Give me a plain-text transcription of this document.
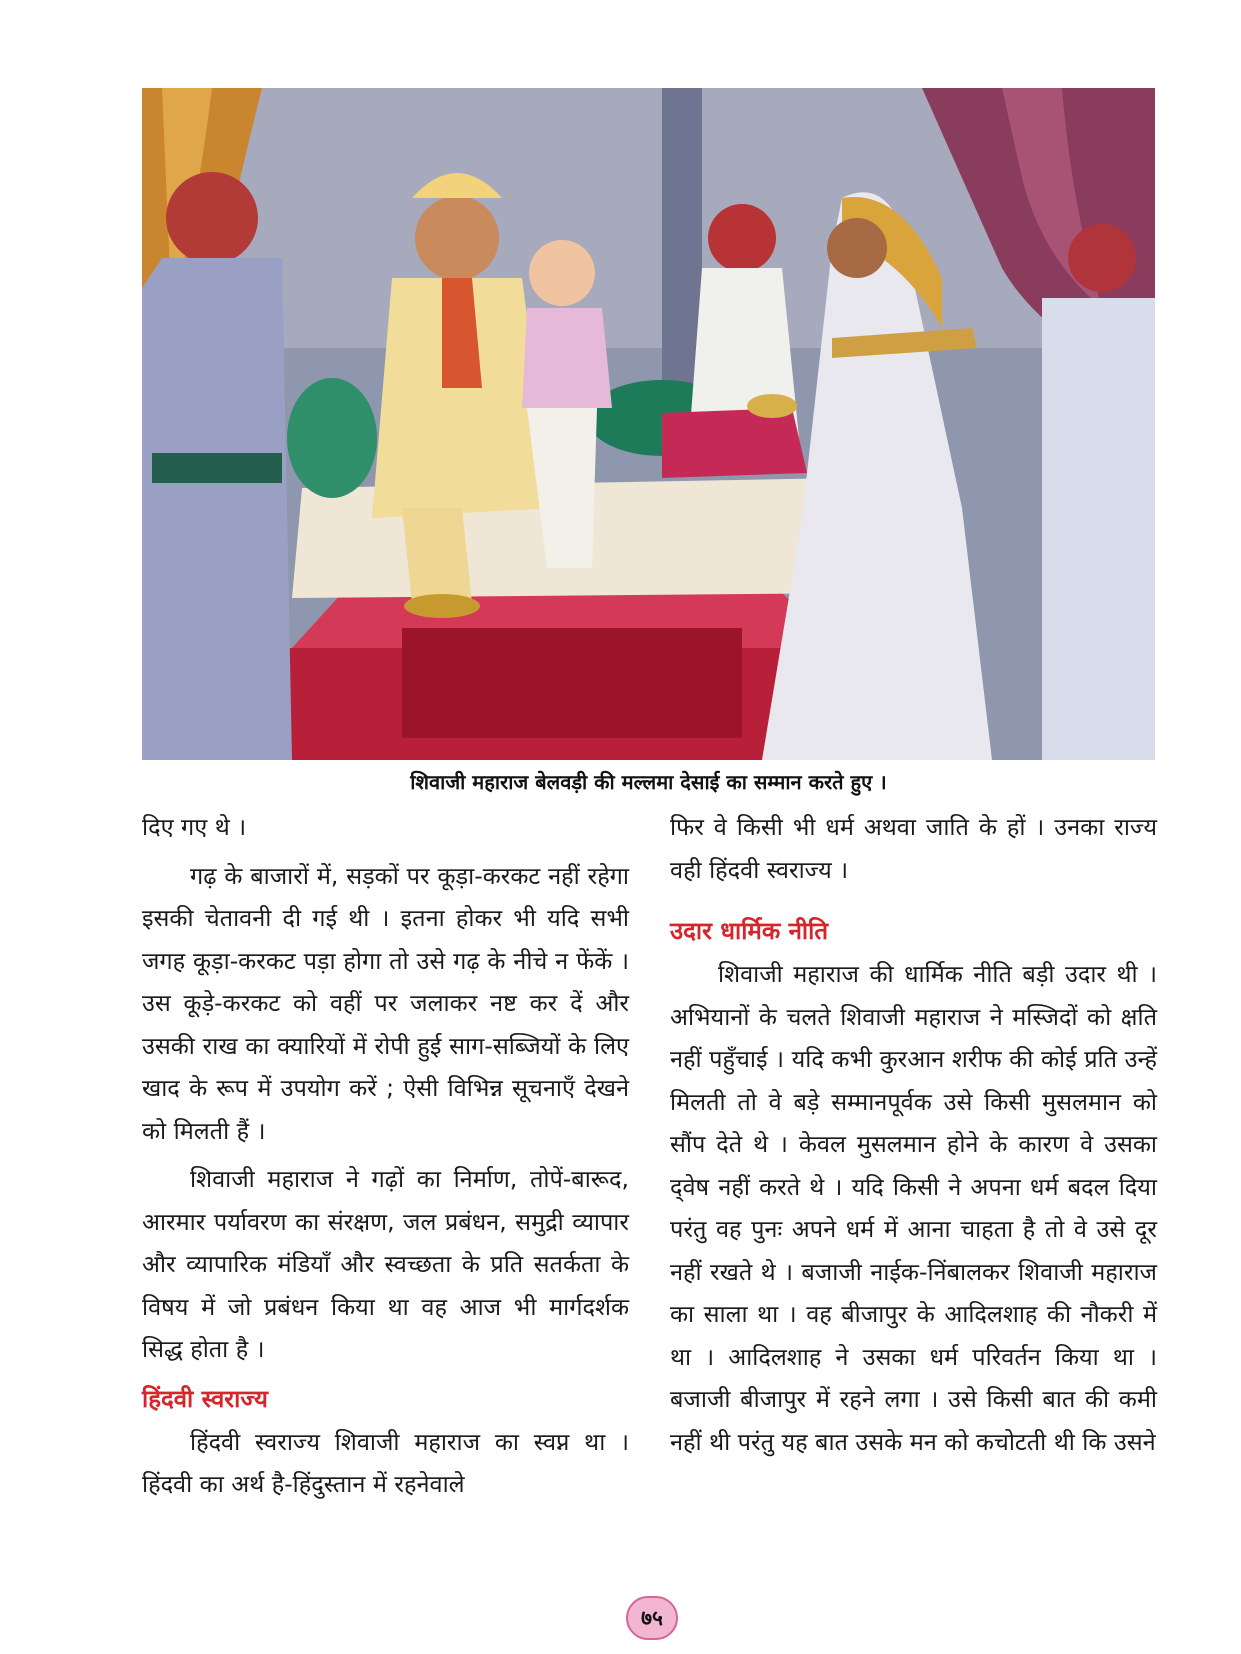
शिवाजी महाराज बेलवड़ी की मल्लमा देसाई का सम्मान करते हुए ।

दिए गए थे ।

गढ़ के बाजारों में, सड़कों पर कूड़ा-करकट नहीं रहेगा इसकी चेतावनी दी गई थी । इतना होकर भी यदि सभी जगह कूड़ा-करकट पड़ा होगा तो उसे गढ़ के नीचे न फेंकें । उस कूड़े-करकट को वहीं पर जलाकर नष्ट कर दें और उसकी राख का क्यारियों में रोपी हुई साग-सब्जियों के लिए खाद के रूप में उपयोग करें ; ऐसी विभिन्न सूचनाएँ देखने को मिलती हैं ।

शिवाजी महाराज ने गढ़ों का निर्माण, तोपें-बारूद, आरमार पर्यावरण का संरक्षण, जल प्रबंधन, समुद्री व्यापार और व्यापारिक मंडियाँ और स्वच्छता के प्रति सतर्कता के विषय में जो प्रबंधन किया था वह आज भी मार्गदर्शक सिद्ध होता है ।

हिंदवी स्वराज्य

हिंदवी स्वराज्य शिवाजी महाराज का स्वप्न था । हिंदवी का अर्थ है-हिंदुस्तान में रहनेवाले

फिर वे किसी भी धर्म अथवा जाति के हों । उनका राज्य वही हिंदवी स्वराज्य ।

उदार धार्मिक नीति

शिवाजी महाराज की धार्मिक नीति बड़ी उदार थी । अभियानों के चलते शिवाजी महाराज ने मस्जिदों को क्षति नहीं पहुँचाई । यदि कभी कुरआन शरीफ की कोई प्रति उन्हें मिलती तो वे बड़े सम्मानपूर्वक उसे किसी मुसलमान को सौंप देते थे । केवल मुसलमान होने के कारण वे उसका द्‌वेष नहीं करते थे । यदि किसी ने अपना धर्म बदल दिया परंतु वह पुनः अपने धर्म में आना चाहता है तो वे उसे दूर नहीं रखते थे । बजाजी नाईक-निंबालकर शिवाजी महाराज का साला था । वह बीजापुर के आदिलशाह की नौकरी में था । आदिलशाह ने उसका धर्म परिवर्तन किया था । बजाजी बीजापुर में रहने लगा । उसे किसी बात की कमी नहीं थी परंतु यह बात उसके मन को कचोटती थी कि उसने

७५
